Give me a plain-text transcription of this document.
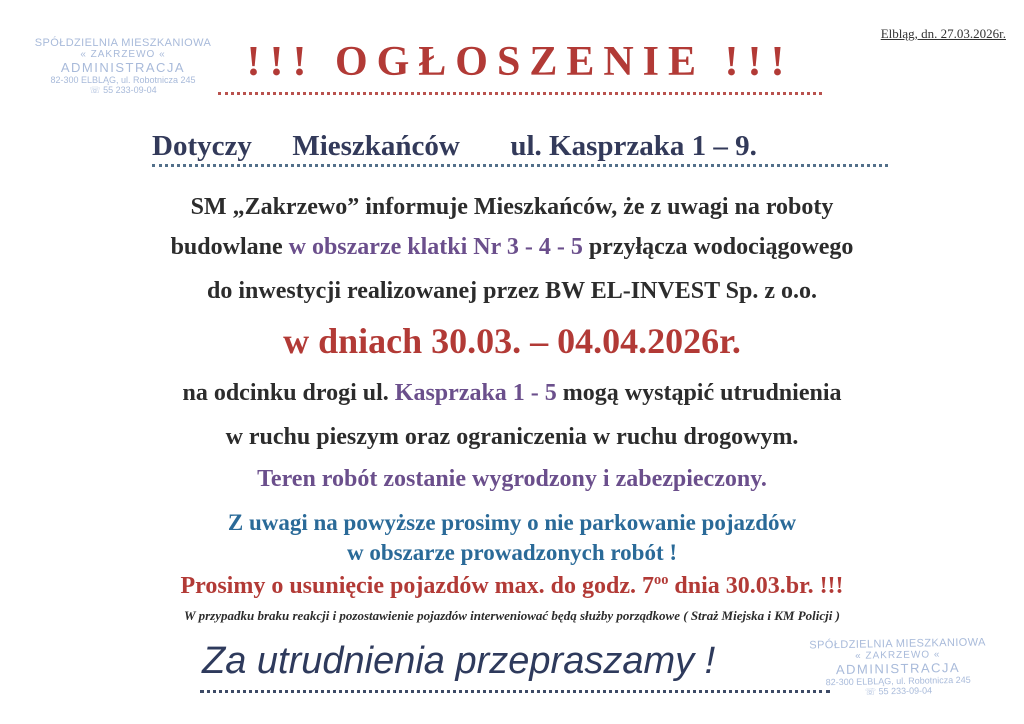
SPÓŁDZIELNIA MIESZKANIOWA
« ZAKRZEWO «
ADMINISTRACJA
82-300 ELBLĄG, ul. Robotnicza 245
☏ 55 233-09-04
Elbląg, dn. 27.03.2026r.
!!! OGŁOSZENIE !!!
Dotyczy Mieszkańców ul. Kasprzaka 1 – 9.
SM „Zakrzewo” informuje Mieszkańców, że z uwagi na roboty
budowlane w obszarze klatki Nr 3 - 4 - 5 przyłącza wodociągowego
do inwestycji realizowanej przez BW EL-INVEST Sp. z o.o.
w dniach 30.03. – 04.04.2026r.
na odcinku drogi ul. Kasprzaka 1 - 5 mogą wystąpić utrudnienia
w ruchu pieszym oraz ograniczenia w ruchu drogowym.
Teren robót zostanie wygrodzony i zabezpieczony.
Z uwagi na powyższe prosimy o nie parkowanie pojazdów
w obszarze prowadzonych robót !
Prosimy o usunięcie pojazdów max. do godz. $7^{oo}$ dnia 30.03.br. !!!
W przypadku braku reakcji i pozostawienie pojazdów interweniować będą służby porządkowe ( Straż Miejska i KM Policji )
Za utrudnienia przepraszamy !	SPÓŁDZIELNIA MIESZKANIOWA
« ZAKRZEWO «
ADMINISTRACJA
82-300 ELBLĄG, ul. Robotnicza 245
☏ 55 233-09-04
